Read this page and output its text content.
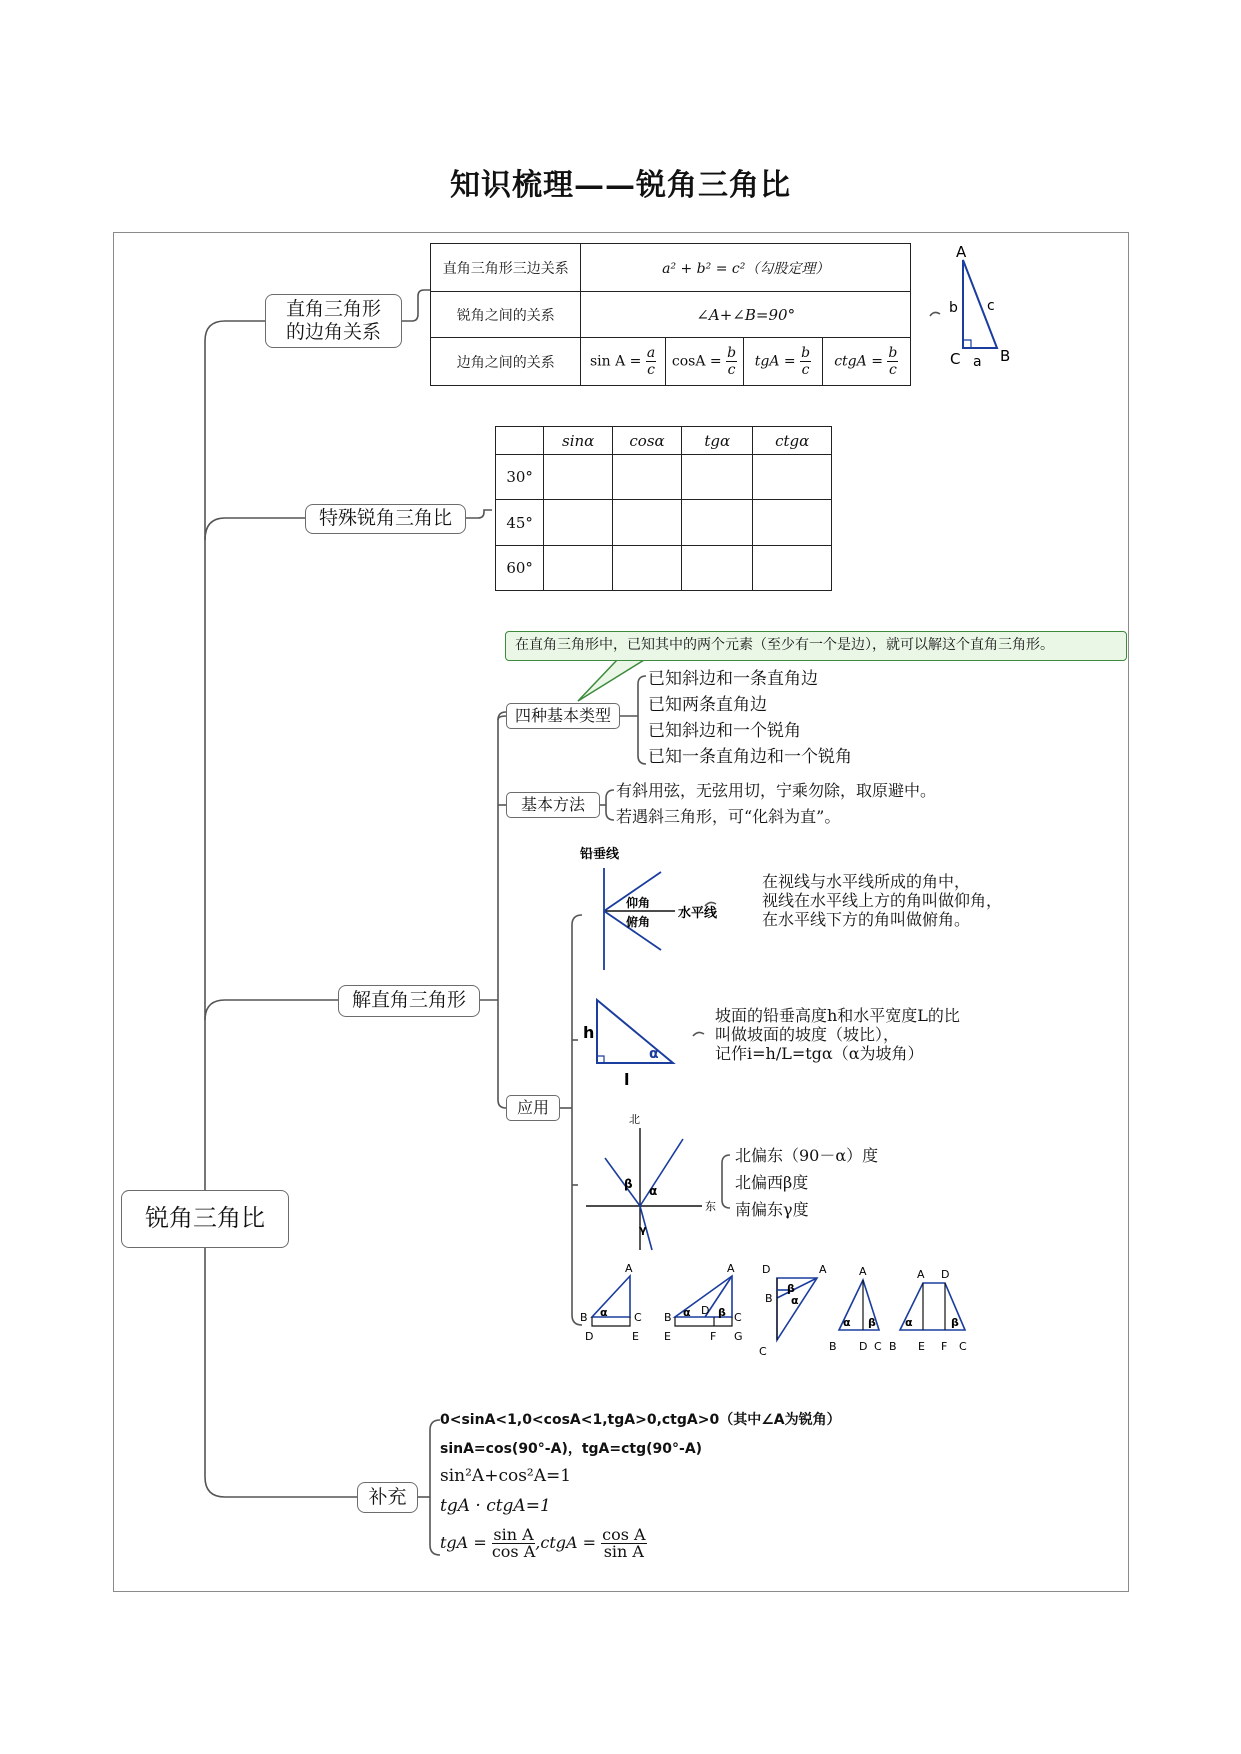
知识梳理——锐角三角比
锐角三角比
直角三角形
的边角关系
直角三角形三边关系	a² + b² = c²（勾股定理）			
锐角之间的关系	∠A+∠B=90°			
边角之间的关系	$\sin A = \frac{a}{c}$	$\cos A = \frac{b}{c}$	tgA = $\frac{b}{c}$	ctgA = $\frac{b}{c}$
A
C	B
a
b c
特殊锐角三角比
	sinα	cosα	tgα	ctgα
30°				
45°				
60°				
解直角三角形
在直角三角形中，已知其中的两个元素（至少有一个是边），就可以解这个直角三角形。
四种基本类型
已知斜边和一条直角边
已知两条直角边
已知斜边和一个锐角
已知一条直角边和一个锐角
基本方法
有斜用弦，无弦用切，宁乘勿除，取原避中。
若遇斜三角形，可“化斜为直”。
应用
铅垂线
水平线
仰角
俯角
在视线与水平线所成的角中，
视线在水平线上方的角叫做仰角，
在水平线下方的角叫做俯角。
h
l
α
坡面的铅垂高度h和水平宽度L的比
叫做坡面的坡度（坡比），
记作i=h/L=tgα（α为坡角）
北
东
α
β
γ
北偏东（90－α）度
北偏西β度
南偏东γ度
A
B	C
D	E
α
A
B	C
D
E	F G
α β
D	A
B
C
β
α
A
B D C
α β
A D
B E F C
α	β
补充
0<sinA<1,0<cosA<1,tgA>0,ctgA>0（其中∠A为锐角）
sinA=cos(90°-A)，tgA=ctg(90°-A)
sin²A+cos²A=1
tgA · ctgA=1
tgA = $\frac{\text{sin A}}{\text{cos A}}$ ,ctgA = $\frac{\text{cos A}}{\text{sin A}}$
